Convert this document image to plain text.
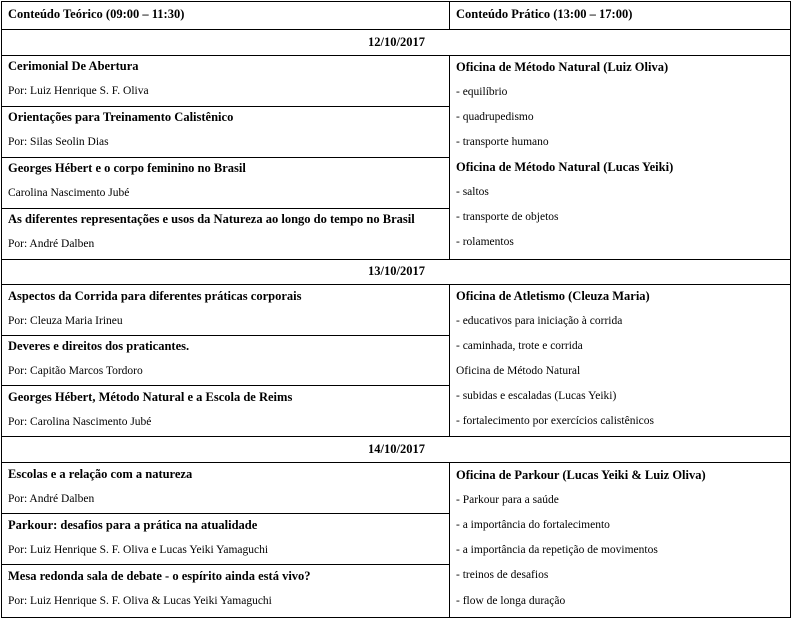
Conteúdo Teórico (09:00 – 11:30)	Conteúdo Prático (13:00 – 17:00)
12/10/2017
Cerimonial De Abertura
Por: Luiz Henrique S. F. Oliva
Orientações para Treinamento Calistênico
Por: Silas Seolin Dias
Georges Hébert e o corpo feminino no Brasil
Carolina Nascimento Jubé
As diferentes representações e usos da Natureza ao longo do tempo no Brasil
Por: André Dalben
Oficina de Método Natural (Luiz Oliva)
- equilíbrio
- quadrupedismo
- transporte humano
Oficina de Método Natural (Lucas Yeiki)
- saltos
- transporte de objetos
- rolamentos
13/10/2017
Aspectos da Corrida para diferentes práticas corporais
Por: Cleuza Maria Irineu
Deveres e direitos dos praticantes.
Por: Capitão Marcos Tordoro
Georges Hébert, Método Natural e a Escola de Reims
Por: Carolina Nascimento Jubé
Oficina de Atletismo (Cleuza Maria)
- educativos para iniciação à corrida
- caminhada, trote e corrida
Oficina de Método Natural
- subidas e escaladas (Lucas Yeiki)
- fortalecimento por exercícios calistênicos
14/10/2017
Escolas e a relação com a natureza
Por: André Dalben
Parkour: desafios para a prática na atualidade
Por: Luiz Henrique S. F. Oliva e Lucas Yeiki Yamaguchi
Mesa redonda sala de debate - o espírito ainda está vivo?
Por: Luiz Henrique S. F. Oliva & Lucas Yeiki Yamaguchi
Oficina de Parkour (Lucas Yeiki & Luiz Oliva)
- Parkour para a saúde
- a importância do fortalecimento
- a importância da repetição de movimentos
- treinos de desafios
- flow de longa duração
